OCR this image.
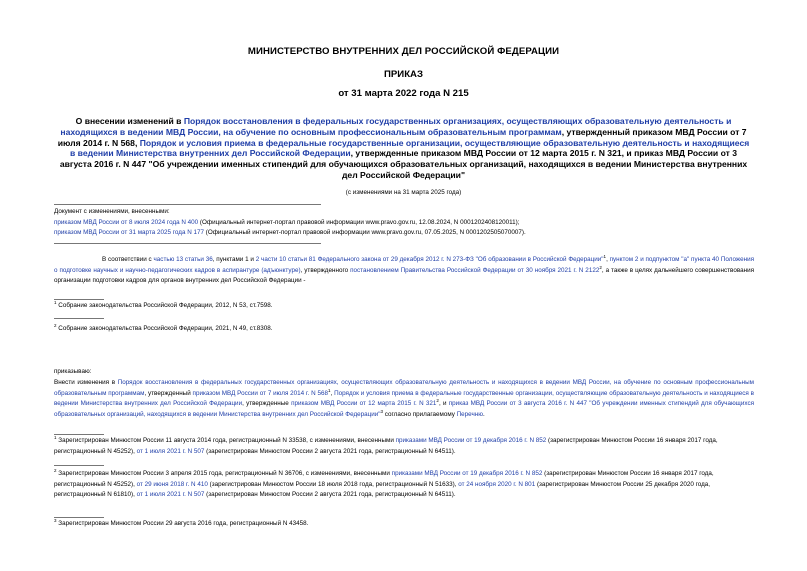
МИНИСТЕРСТВО ВНУТРЕННИХ ДЕЛ РОССИЙСКОЙ ФЕДЕРАЦИИ
ПРИКАЗ
от 31 марта 2022 года N 215
О внесении изменений в Порядок восстановления в федеральных государственных организациях, осуществляющих образовательную деятельность и находящихся в ведении МВД России, на обучение по основным профессиональным образовательным программам, утвержденный приказом МВД России от 7 июля 2014 г. N 568, Порядок и условия приема в федеральные государственные организации, осуществляющие образовательную деятельность и находящиеся в ведении Министерства внутренних дел Российской Федерации, утвержденные приказом МВД России от 12 марта 2015 г. N 321, и приказ МВД России от 3 августа 2016 г. N 447 "Об учреждении именных стипендий для обучающихся образовательных организаций, находящихся в ведении Министерства внутренних дел Российской Федерации"
(с изменениями на 31 марта 2025 года)
Документ с изменениями, внесенными:
приказом МВД России от 8 июля 2024 года N 400 (Официальный интернет-портал правовой информации www.pravo.gov.ru, 12.08.2024, N 0001202408120011);
приказом МВД России от 31 марта 2025 года N 177 (Официальный интернет-портал правовой информации www.pravo.gov.ru, 07.05.2025, N 0001202505070007).
В соответствии с частью 13 статьи 36, пунктами 1 и 2 части 10 статьи 81 Федерального закона от 29 декабря 2012 г. N 273-ФЗ "Об образовании в Российской Федерации"$^1$, пунктом 2 и подпунктом "а" пункта 40 Положения о подготовке научных и научно-педагогических кадров в аспирантуре (адъюнктуре), утвержденного постановлением Правительства Российской Федерации от 30 ноября 2021 г. N 2122$^2$, а также в целях дальнейшего совершенствования организации подготовки кадров для органов внутренних дел Российской Федерации -
$^1$ Собрание законодательства Российской Федерации, 2012, N 53, ст.7598.
$^2$ Собрание законодательства Российской Федерации, 2021, N 49, ст.8308.
приказываю:
Внести изменения в Порядок восстановления в федеральных государственных организациях, осуществляющих образовательную деятельность и находящихся в ведении МВД России, на обучение по основным профессиональным образовательным программам, утвержденный приказом МВД России от 7 июля 2014 г. N $568^1$, Порядок и условия приема в федеральные государственные организации, осуществляющие образовательную деятельность и находящиеся в ведении Министерства внутренних дел Российской Федерации, утвержденные приказом МВД России от 12 марта 2015 г. N $321^2$, и приказ МВД России от 3 августа 2016 г. N 447 "Об учреждении именных стипендий для обучающихся образовательных организаций, находящихся в ведении Министерства внутренних дел Российской Федерации"$^3$ согласно прилагаемому Перечню.
$^1$ Зарегистрирован Минюстом России 11 августа 2014 года, регистрационный N 33538, с изменениями, внесенными приказами МВД России от 19 декабря 2016 г. N 852 (зарегистрирован Минюстом России 16 января 2017 года, регистрационный N 45252), от 1 июля 2021 г. N 507 (зарегистрирован Минюстом России 2 августа 2021 года, регистрационный N 64511).
$^2$ Зарегистрирован Минюстом России 3 апреля 2015 года, регистрационный N 36706, с изменениями, внесенными приказами МВД России от 19 декабря 2016 г. N 852 (зарегистрирован Минюстом России 16 января 2017 года, регистрационный N 45252), от 29 июня 2018 г. N 410 (зарегистрирован Минюстом России 18 июля 2018 года, регистрационный N 51633), от 24 ноября 2020 г. N 801 (зарегистрирован Минюстом России 25 декабря 2020 года, регистрационный N 61810), от 1 июля 2021 г. N 507 (зарегистрирован Минюстом России 2 августа 2021 года, регистрационный N 64511).
$^3$ Зарегистрирован Минюстом России 29 августа 2016 года, регистрационный N 43458.
